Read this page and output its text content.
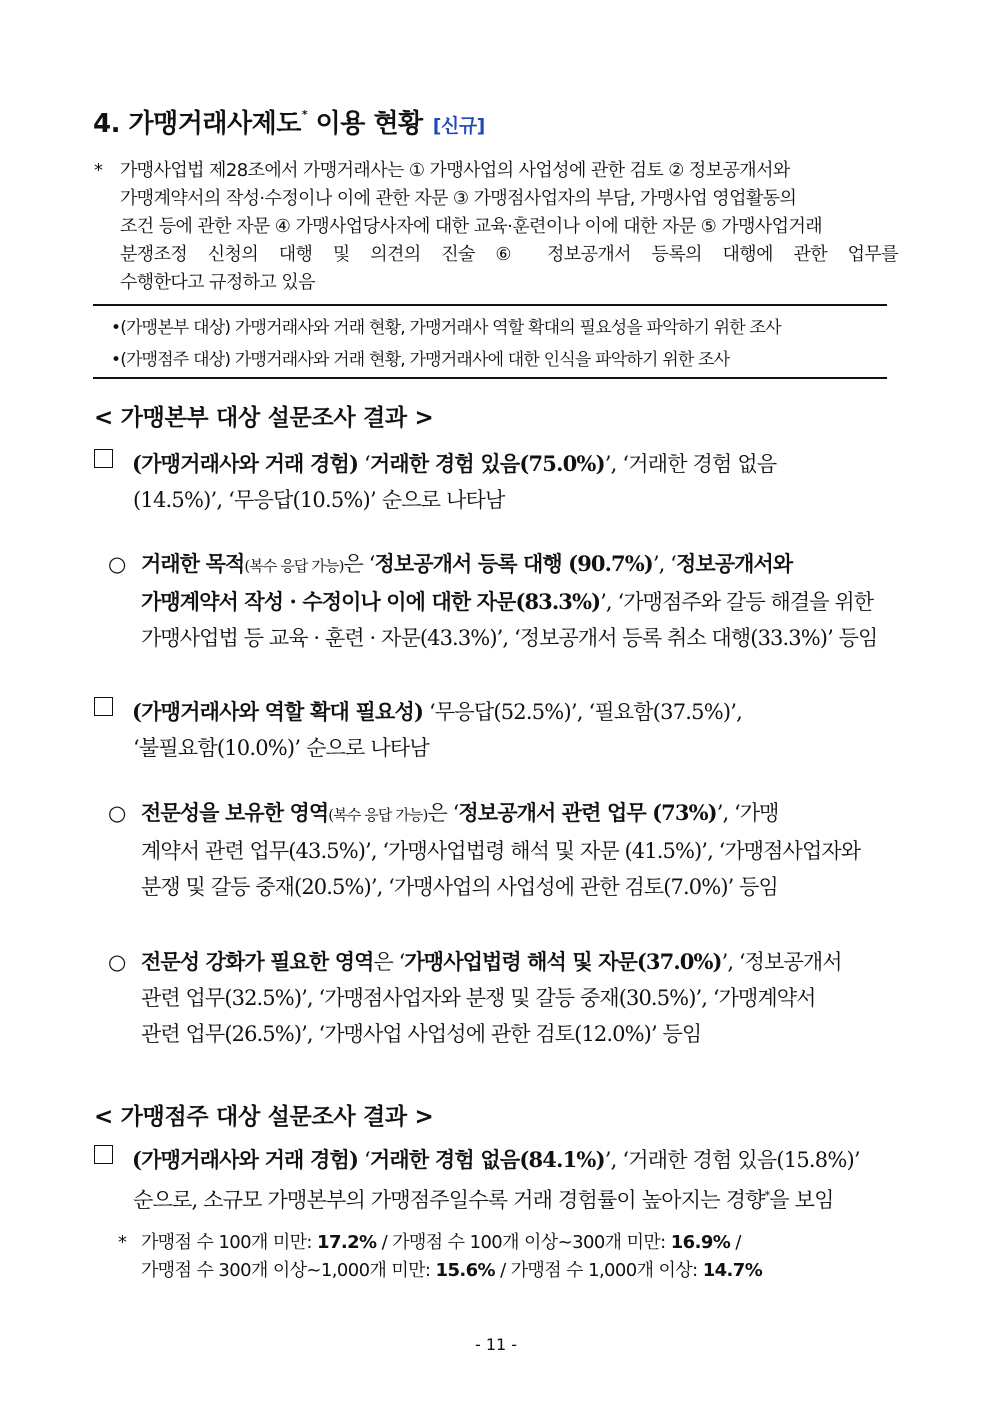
4. 가맹거래사제도* 이용 현황 [신규]
* 가맹사업법 제28조에서 가맹거래사는 ① 가맹사업의 사업성에 관한 검토 ② 정보공개서와
가맹계약서의 작성·수정이나 이에 관한 자문 ③ 가맹점사업자의 부담, 가맹사업 영업활동의
조건 등에 관한 자문 ④ 가맹사업당사자에 대한 교육·훈련이나 이에 대한 자문 ⑤ 가맹사업거래
분쟁조정 신청의 대행 및 의견의 진술 ⑥ 정보공개서 등록의 대행에 관한 업무를
수행한다고 규정하고 있음
•(가맹본부 대상) 가맹거래사와 거래 현황, 가맹거래사 역할 확대의 필요성을 파악하기 위한 조사
•(가맹점주 대상) 가맹거래사와 거래 현황, 가맹거래사에 대한 인식을 파악하기 위한 조사
< 가맹본부 대상 설문조사 결과 >
(가맹거래사와 거래 경험) ‘거래한 경험 있음(75.0%)’, ‘거래한 경험 없음
(14.5%)’, ‘무응답(10.5%)’ 순으로 나타남
○ 거래한 목적(복수 응답 가능)은 ‘정보공개서 등록 대행 (90.7%)’, ‘정보공개서와
가맹계약서 작성 · 수정이나 이에 대한 자문(83.3%)’, ‘가맹점주와 갈등 해결을 위한
가맹사업법 등 교육 · 훈련 · 자문(43.3%)’, ‘정보공개서 등록 취소 대행(33.3%)’ 등임
(가맹거래사와 역할 확대 필요성) ‘무응답(52.5%)’, ‘필요함(37.5%)’,
‘불필요함(10.0%)’ 순으로 나타남
○ 전문성을 보유한 영역(복수 응답 가능)은 ‘정보공개서 관련 업무 (73%)’, ‘가맹
계약서 관련 업무(43.5%)’, ‘가맹사업법령 해석 및 자문 (41.5%)’, ‘가맹점사업자와
분쟁 및 갈등 중재(20.5%)’, ‘가맹사업의 사업성에 관한 검토(7.0%)’ 등임
○ 전문성 강화가 필요한 영역은 ‘가맹사업법령 해석 및 자문(37.0%)’, ‘정보공개서
관련 업무(32.5%)’, ‘가맹점사업자와 분쟁 및 갈등 중재(30.5%)’, ‘가맹계약서
관련 업무(26.5%)’, ‘가맹사업 사업성에 관한 검토(12.0%)’ 등임
< 가맹점주 대상 설문조사 결과 >
(가맹거래사와 거래 경험) ‘거래한 경험 없음(84.1%)’, ‘거래한 경험 있음(15.8%)’
순으로, 소규모 가맹본부의 가맹점주일수록 거래 경험률이 높아지는 경향*을 보임
* 가맹점 수 100개 미만: 17.2% / 가맹점 수 100개 이상~300개 미만: 16.9% /
가맹점 수 300개 이상~1,000개 미만: 15.6% / 가맹점 수 1,000개 이상: 14.7%
- 11 -
